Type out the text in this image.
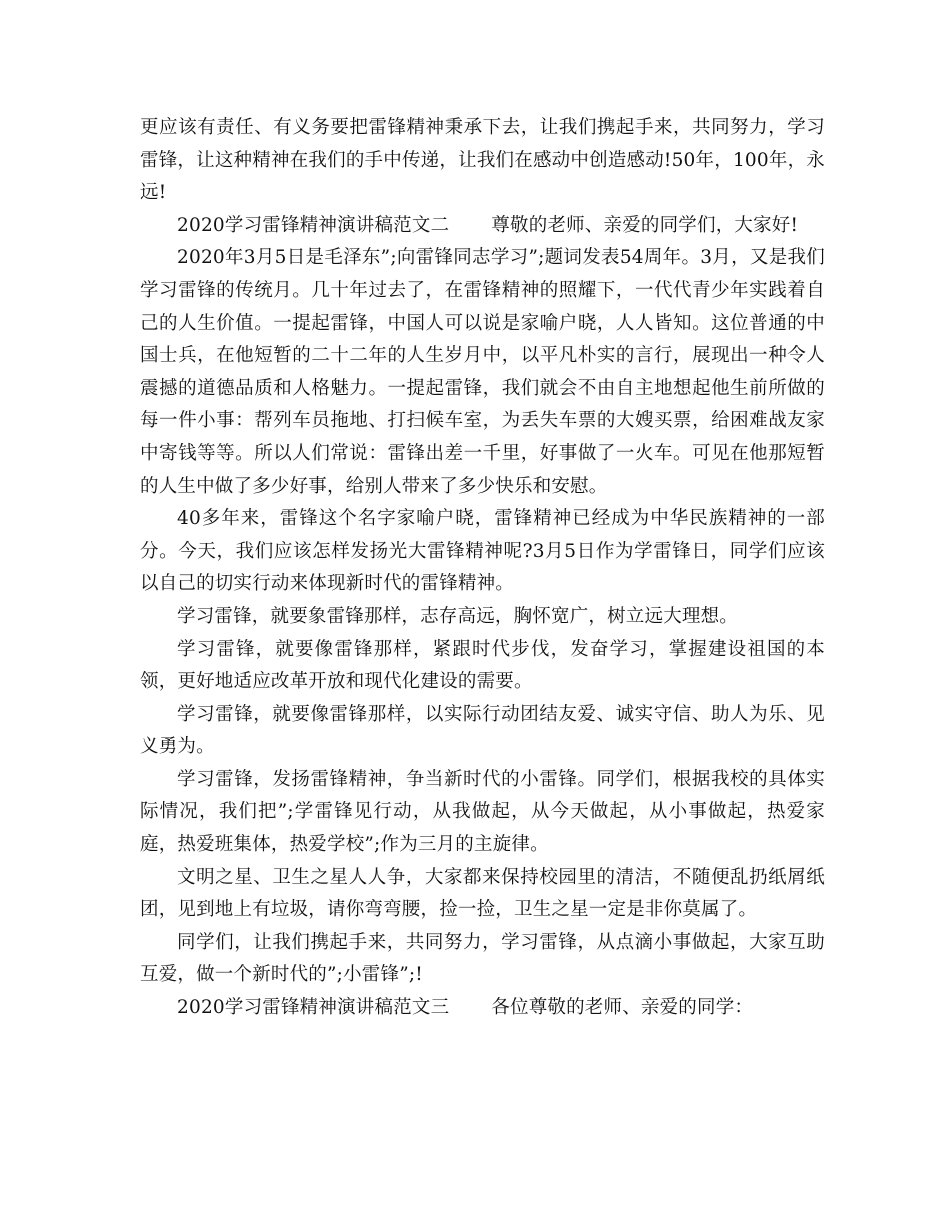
更应该有责任、有义务要把雷锋精神秉承下去，让我们携起手来，共同努力，学习雷锋，让这种精神在我们的手中传递，让我们在感动中创造感动!50年，100年，永远!

2020学习雷锋精神演讲稿范文二 尊敬的老师、亲爱的同学们，大家好!

2020年3月5日是毛泽东”;向雷锋同志学习”;题词发表54周年。3月，又是我们学习雷锋的传统月。几十年过去了，在雷锋精神的照耀下，一代代青少年实践着自己的人生价值。一提起雷锋，中国人可以说是家喻户晓，人人皆知。这位普通的中国士兵，在他短暂的二十二年的人生岁月中，以平凡朴实的言行，展现出一种令人震撼的道德品质和人格魅力。一提起雷锋，我们就会不由自主地想起他生前所做的每一件小事：帮列车员拖地、打扫候车室，为丢失车票的大嫂买票，给困难战友家中寄钱等等。所以人们常说：雷锋出差一千里，好事做了一火车。可见在他那短暂的人生中做了多少好事，给别人带来了多少快乐和安慰。

40多年来，雷锋这个名字家喻户晓，雷锋精神已经成为中华民族精神的一部分。今天，我们应该怎样发扬光大雷锋精神呢?3月5日作为学雷锋日，同学们应该以自己的切实行动来体现新时代的雷锋精神。

学习雷锋，就要象雷锋那样，志存高远，胸怀宽广，树立远大理想。

学习雷锋，就要像雷锋那样，紧跟时代步伐，发奋学习，掌握建设祖国的本领，更好地适应改革开放和现代化建设的需要。

学习雷锋，就要像雷锋那样，以实际行动团结友爱、诚实守信、助人为乐、见义勇为。

学习雷锋，发扬雷锋精神，争当新时代的小雷锋。同学们，根据我校的具体实际情况，我们把”;学雷锋见行动，从我做起，从今天做起，从小事做起，热爱家庭，热爱班集体，热爱学校”;作为三月的主旋律。

文明之星、卫生之星人人争，大家都来保持校园里的清洁，不随便乱扔纸屑纸团，见到地上有垃圾，请你弯弯腰，捡一捡，卫生之星一定是非你莫属了。

同学们，让我们携起手来，共同努力，学习雷锋，从点滴小事做起，大家互助互爱，做一个新时代的”;小雷锋”;!

2020学习雷锋精神演讲稿范文三 各位尊敬的老师、亲爱的同学：
